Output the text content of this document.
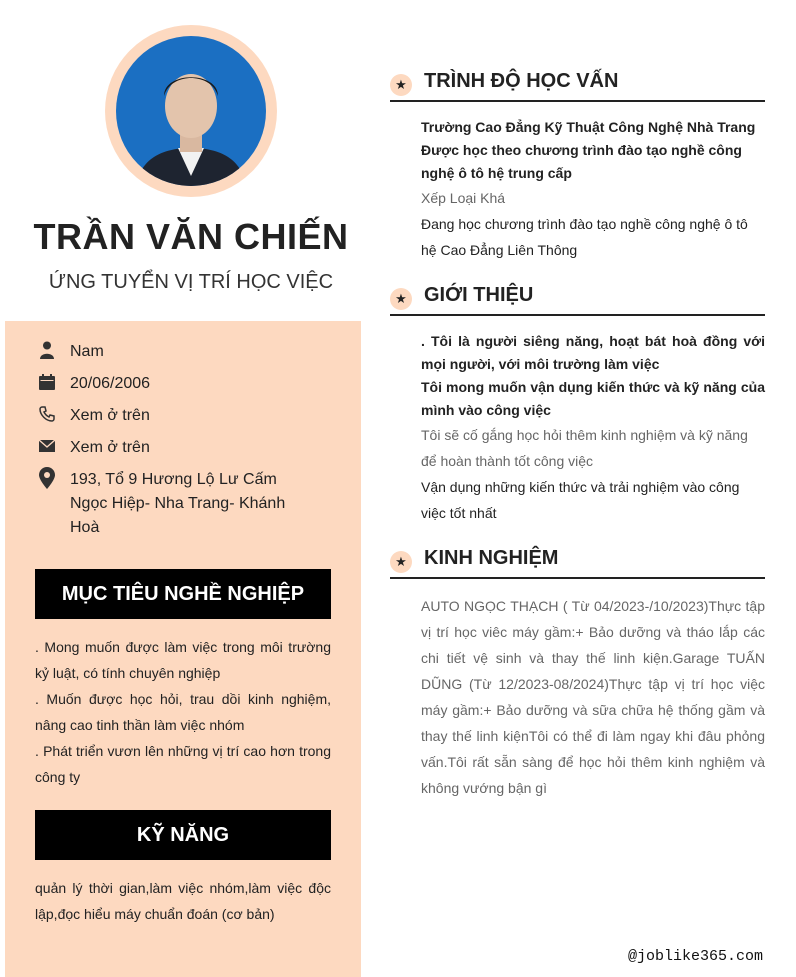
TRẦN VĂN CHIẾN
ỨNG TUYỂN VỊ TRÍ HỌC VIỆC
Nam
20/06/2006
Xem ở trên
Xem ở trên
193, Tổ 9 Hương Lộ Lư Cấm Ngọc Hiệp- Nha Trang- Khánh Hoà
MỤC TIÊU NGHỀ NGHIỆP

. Mong muốn được làm việc trong môi trường kỷ luật, có tính chuyên nghiệp

. Muốn được học hỏi, trau dồi kinh nghiệm, nâng cao tinh thần làm việc nhóm

. Phát triển vươn lên những vị trí cao hơn trong công ty

KỸ NĂNG

quản lý thời gian,làm việc nhóm,làm việc độc lập,đọc hiểu máy chuẩn đoán (cơ bản)

★ TRÌNH ĐỘ HỌC VẤN

Trường Cao Đẳng Kỹ Thuật Công Nghệ Nhà Trang

Được học theo chương trình đào tạo nghề công nghệ ô tô hệ trung cấp

Xếp Loại Khá

Đang học chương trình đào tạo nghề công nghệ ô tô hệ Cao Đẳng Liên Thông

★ GIỚI THIỆU

. Tôi là người siêng năng, hoạt bát hoà đồng với mọi người, với môi trường làm việc

Tôi mong muốn vận dụng kiến thức và kỹ năng của mình vào công việc

Tôi sẽ cố gắng học hỏi thêm kinh nghiệm và kỹ năng để hoàn thành tốt công việc

Vận dụng những kiến thức và trải nghiệm vào công việc tốt nhất

★ KINH NGHIỆM

AUTO NGỌC THẠCH ( Từ 04/2023-/10/2023)Thực tập vị trí học viêc máy gầm:+ Bảo dưỡng và tháo lắp các chi tiết vệ sinh và thay thế linh kiện.Garage TUẤN DŨNG (Từ 12/2023-08/2024)Thực tập vị trí học việc máy gầm:+ Bảo dưỡng và sữa chữa hệ thống gầm và thay thế linh kiệnTôi có thể đi làm ngay khi đâu phỏng vấn.Tôi rất sẵn sàng để học hỏi thêm kinh nghiệm và không vướng bận gì

@joblike365.com
